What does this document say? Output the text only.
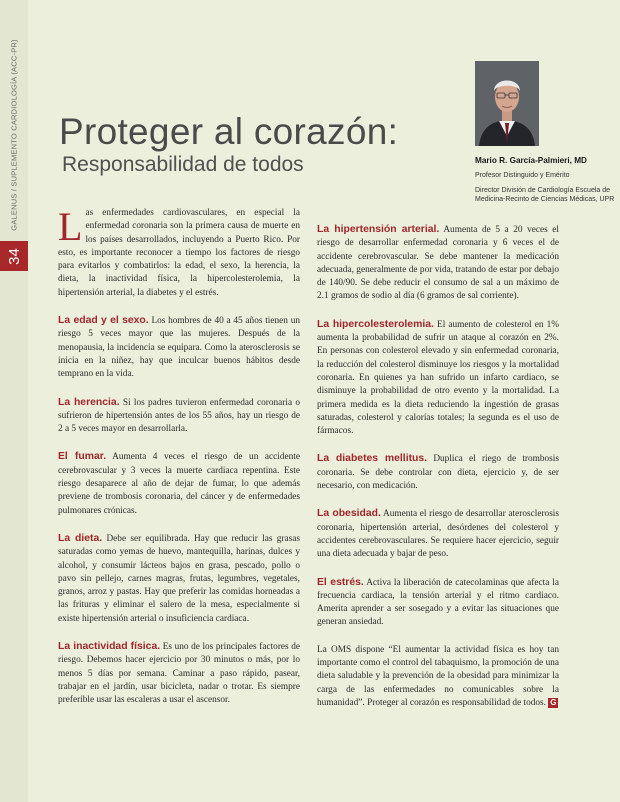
GALENUS / SUPLEMENTO CARDIOLOGÍA (ACC-PR)
34
Proteger al corazón:
Responsabilidad de todos	Mario R. García-Palmieri, MD
Profesor Distinguido y Emérito
Director División de Cardiología Escuela de Medicina-Recinto de Ciencias Médicas, UPR

Las enfermedades cardiovasculares, en especial la enfermedad coronaria son la primera causa de muerte en los países desarrollados, incluyendo a Puerto Rico. Por esto, es importante reconocer a tiempo los factores de riesgo para evitarlos y combatirlos: la edad, el sexo, la herencia, la dieta, la inactividad física, la hipercolesterolemia, la hipertensión arterial, la diabetes y el estrés.

La edad y el sexo. Los hombres de 40 a 45 años tienen un riesgo 5 veces mayor que las mujeres. Después de la menopausia, la incidencia se equipara. Como la aterosclerosis se inicia en la niñez, hay que inculcar buenos hábitos desde temprano en la vida.

La herencia. Si los padres tuvieron enfermedad coronaria o sufrieron de hipertensión antes de los 55 años, hay un riesgo de 2 a 5 veces mayor en desarrollarla.

El fumar. Aumenta 4 veces el riesgo de un accidente cerebrovascular y 3 veces la muerte cardiaca repentina. Este riesgo desaparece al año de dejar de fumar, lo que además previene de trombosis coronaria, del cáncer y de enfermedades pulmonares crónicas.

La dieta. Debe ser equilibrada. Hay que reducir las grasas saturadas como yemas de huevo, mantequilla, harinas, dulces y alcohol, y consumir lácteos bajos en grasa, pescado, pollo o pavo sin pellejo, carnes magras, frutas, legumbres, vegetales, granos, arroz y pastas. Hay que preferir las comidas horneadas a las frituras y eliminar el salero de la mesa, especialmente si existe hipertensión arterial o insuficiencia cardiaca.

La inactividad física. Es uno de los principales factores de riesgo. Debemos hacer ejercicio por 30 minutos o más, por lo menos 5 días por semana. Caminar a paso rápido, pasear, trabajar en el jardín, usar bicicleta, nadar o trotar. Es siempre preferible usar las escaleras a usar el ascensor.

La hipertensión arterial. Aumenta de 5 a 20 veces el riesgo de desarrollar enfermedad coronaria y 6 veces el de accidente cerebrovascular. Se debe mantener la medicación adecuada, generalmente de por vida, tratando de estar por debajo de 140/90. Se debe reducir el consumo de sal a un máximo de 2.1 gramos de sodio al día (6 gramos de sal corriente).

La hipercolesterolemia. El aumento de colesterol en 1% aumenta la probabilidad de sufrir un ataque al corazón en 2%. En personas con colesterol elevado y sin enfermedad coronaria, la reducción del colesterol disminuye los riesgos y la mortalidad coronaria. En quienes ya han sufrido un infarto cardiaco, se disminuye la probabilidad de otro evento y la mortalidad. La primera medida es la dieta reduciendo la ingestión de grasas saturadas, colesterol y calorías totales; la segunda es el uso de fármacos.

La diabetes mellitus. Duplica el riego de trombosis coronaria. Se debe controlar con dieta, ejercicio y, de ser necesario, con medicación.

La obesidad. Aumenta el riesgo de desarrollar aterosclerosis coronaria, hipertensión arterial, desórdenes del colesterol y accidentes cerebrovasculares. Se requiere hacer ejercicio, seguir una dieta adecuada y bajar de peso.

El estrés. Activa la liberación de catecolaminas que afecta la frecuencia cardiaca, la tensión arterial y el ritmo cardiaco. Amerita aprender a ser sosegado y a evitar las situaciones que generan ansiedad.

La OMS dispone “El aumentar la actividad física es hoy tan importante como el control del tabaquismo, la promoción de una dieta saludable y la prevención de la obesidad para minimizar la carga de las enfermedades no comunicables sobre la humanidad”. Proteger al corazón es responsabilidad de todos. G
